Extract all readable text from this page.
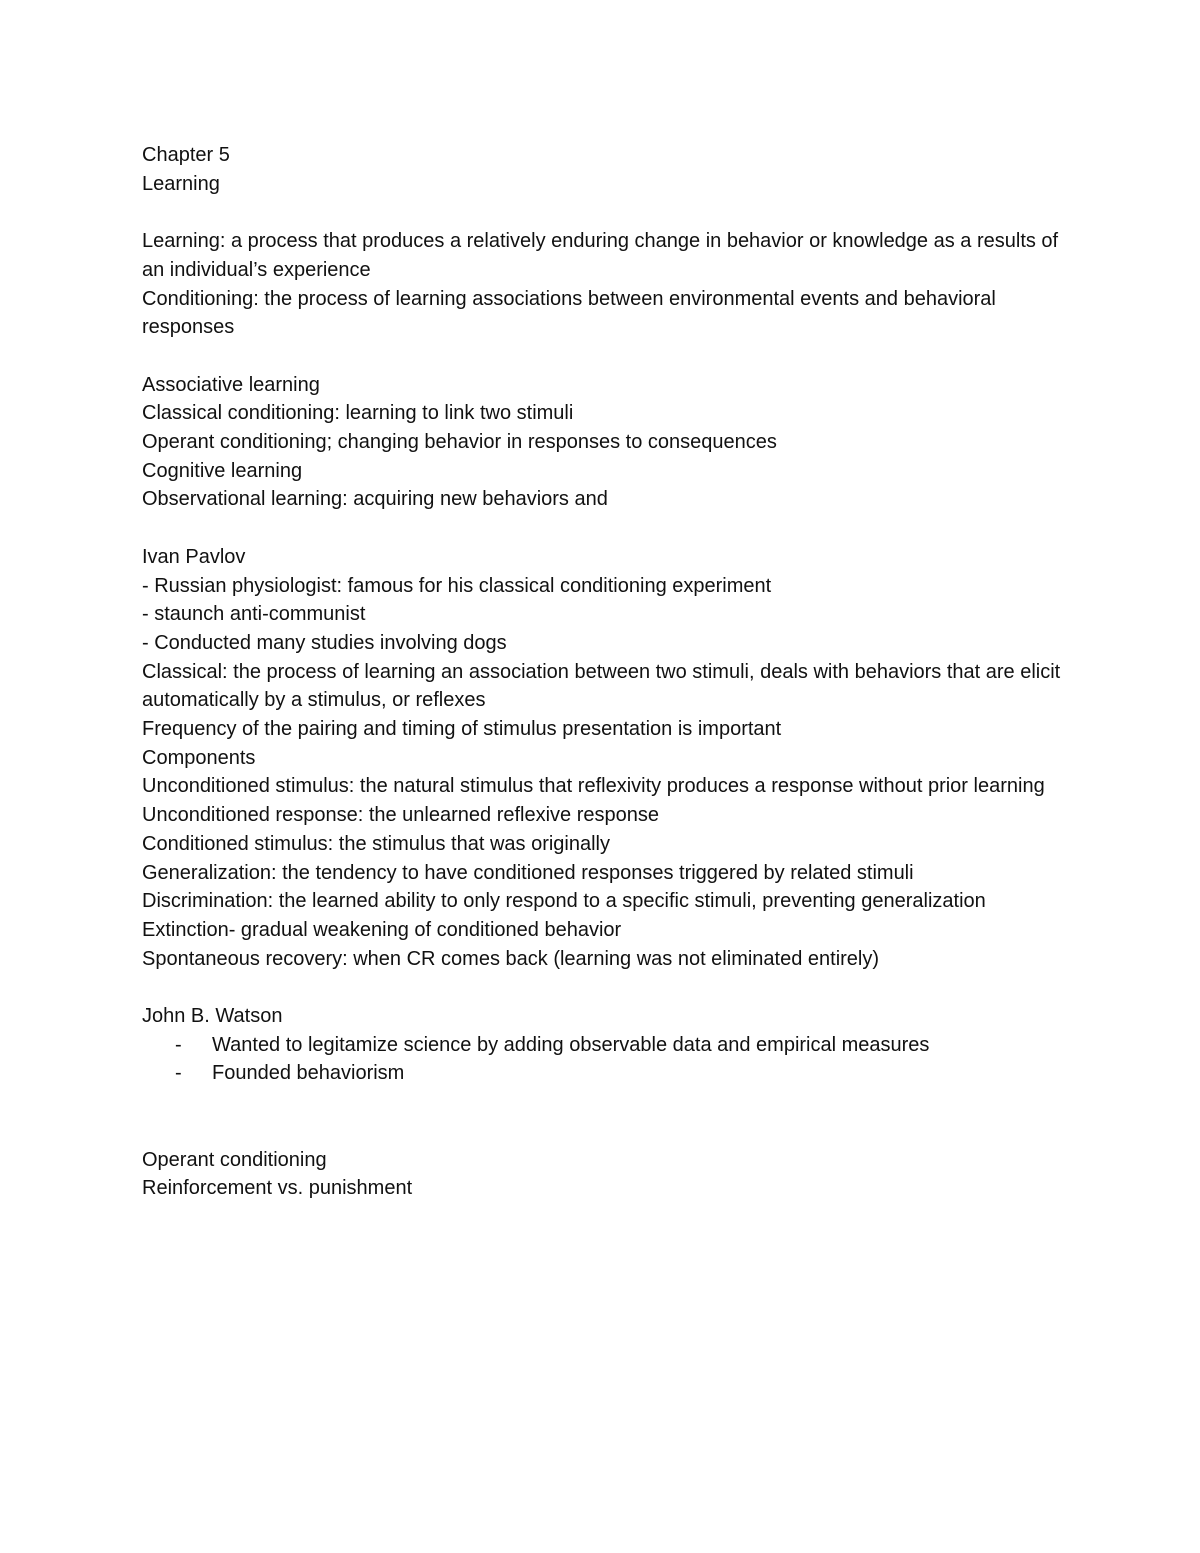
Chapter 5
Learning
Learning: a process that produces a relatively enduring change in behavior or knowledge as a results of an individual’s experience
Conditioning: the process of learning associations between environmental events and behavioral responses
Associative learning
Classical conditioning: learning to link two stimuli
Operant conditioning; changing behavior in responses to consequences
Cognitive learning
Observational learning: acquiring new behaviors and
Ivan Pavlov
- Russian physiologist: famous for his classical conditioning experiment
- staunch anti-communist
- Conducted many studies involving dogs
Classical: the process of learning an association between two stimuli, deals with behaviors that are elicit automatically by a stimulus, or reflexes
Frequency of the pairing and timing of stimulus presentation is important
Components
Unconditioned stimulus: the natural stimulus that reflexivity produces a response without prior learning
Unconditioned response: the unlearned reflexive response
Conditioned stimulus: the stimulus that was originally
Generalization: the tendency to have conditioned responses triggered by related stimuli
Discrimination: the learned ability to only respond to a specific stimuli, preventing generalization
Extinction- gradual weakening of conditioned behavior
Spontaneous recovery: when CR comes back (learning was not eliminated entirely)
John B. Watson
- Wanted to legitamize science by adding observable data and empirical measures
- Founded behaviorism
Operant conditioning
Reinforcement vs. punishment
